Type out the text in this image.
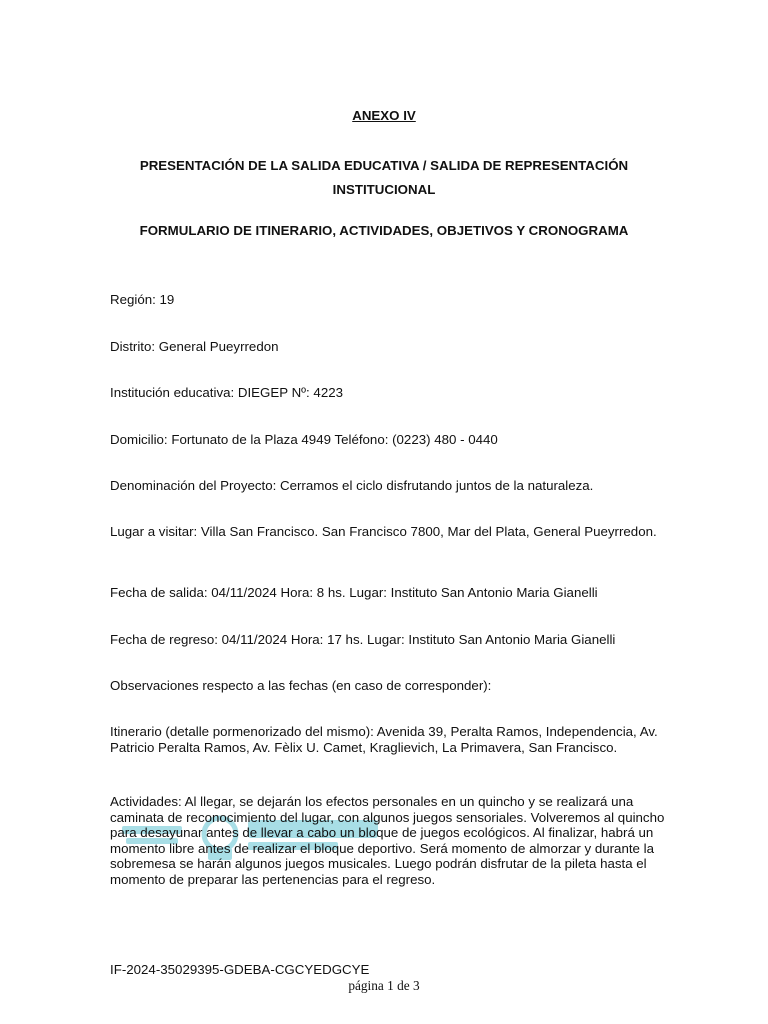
ANEXO IV
PRESENTACIÓN DE LA SALIDA EDUCATIVA / SALIDA DE REPRESENTACIÓN INSTITUCIONAL
FORMULARIO DE ITINERARIO, ACTIVIDADES, OBJETIVOS Y CRONOGRAMA

Región: 19

Distrito: General Pueyrredon

Institución educativa: DIEGEP Nº: 4223

Domicilio: Fortunato de la Plaza 4949 Teléfono: (0223) 480 - 0440

Denominación del Proyecto: Cerramos el ciclo disfrutando juntos de la naturaleza.

Lugar a visitar: Villa San Francisco. San Francisco 7800, Mar del Plata, General Pueyrredon.

Fecha de salida: 04/11/2024 Hora: 8 hs. Lugar: Instituto San Antonio Maria Gianelli

Fecha de regreso: 04/11/2024 Hora: 17 hs. Lugar: Instituto San Antonio Maria Gianelli

Observaciones respecto a las fechas (en caso de corresponder):

Itinerario (detalle pormenorizado del mismo): Avenida 39, Peralta Ramos, Independencia, Av. Patricio Peralta Ramos, Av. Fèlix U. Camet, Kraglievich, La Primavera, San Francisco.

Actividades: Al llegar, se dejarán los efectos personales en un quincho y se realizará una caminata de reconocimiento del lugar, con algunos juegos sensoriales. Volveremos al quincho para desayunar antes de llevar a cabo un bloque de juegos ecológicos. Al finalizar, habrá un momento libre antes de realizar el bloque deportivo. Será momento de almorzar y durante la sobremesa se harán algunos juegos musicales. Luego podrán disfrutar de la pileta hasta el momento de preparar las pertenencias para el regreso.

IF-2024-35029395-GDEBA-CGCYEDGCYE
página 1 de 3
